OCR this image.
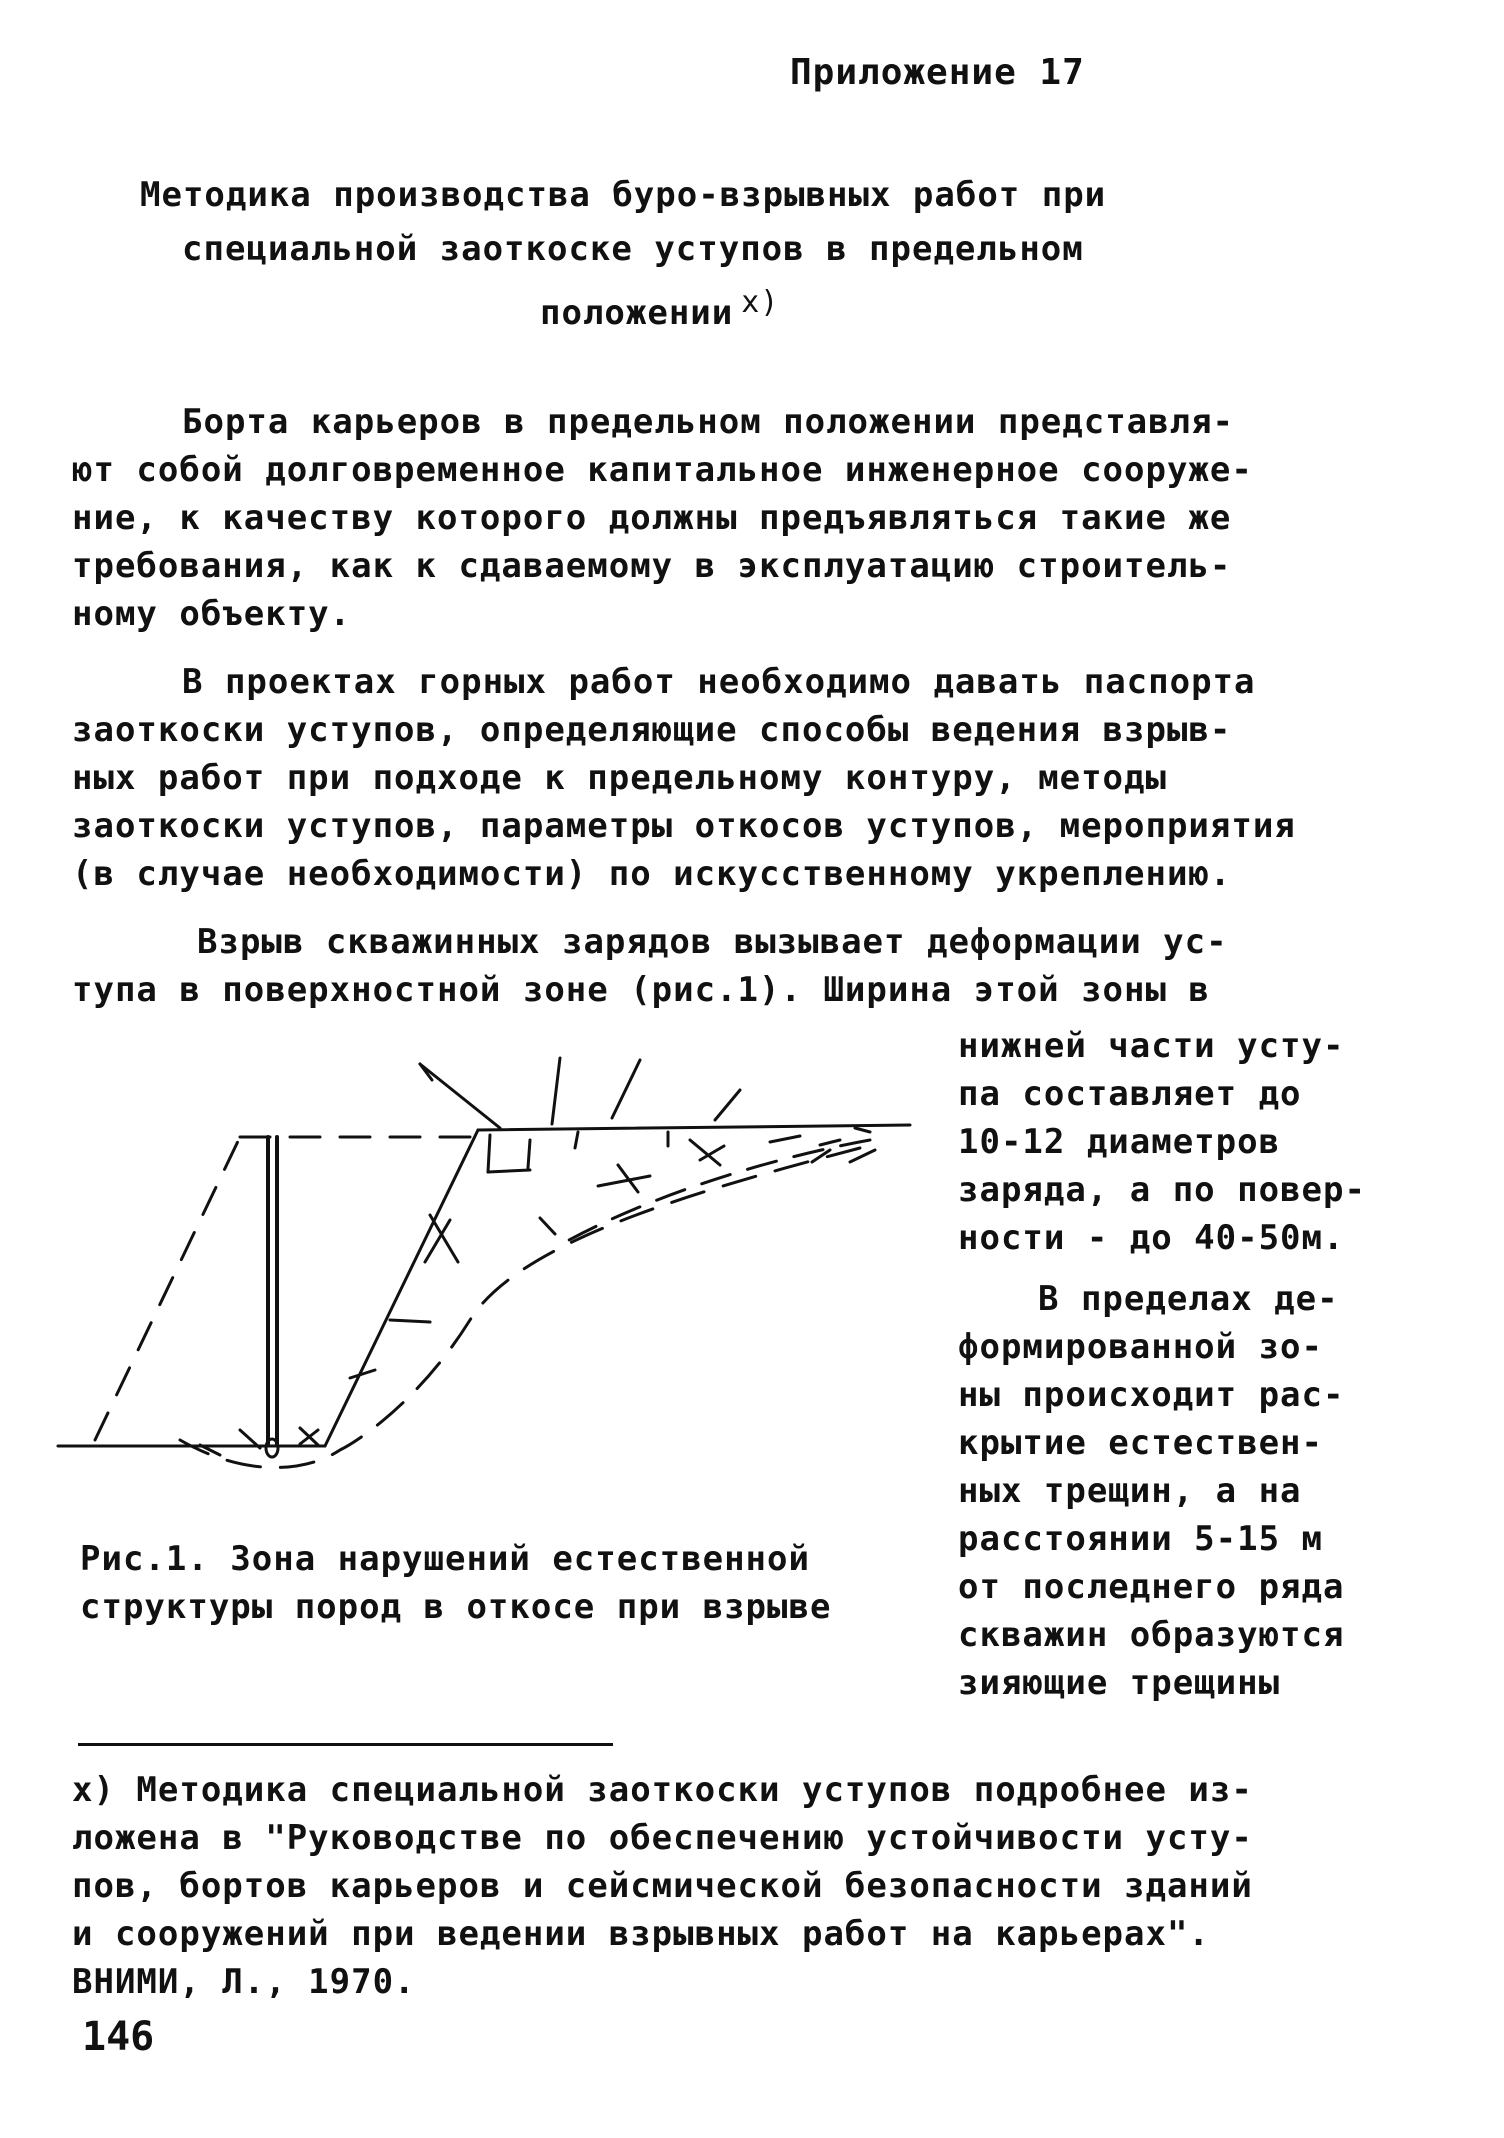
Приложение 17
Методика производства буро-взрывных работ при
специальной заоткоске уступов в предельном
положении $^{x)}$
Борта карьеров в предельном положении представля-
ют собой долговременное капитальное инженерное сооруже-
ние, к качеству которого должны предъявляться такие же
требования, как к сдаваемому в эксплуатацию строитель-
ному объекту.
В проектах горных работ необходимо давать паспорта
заоткоски уступов, определяющие способы ведения взрыв-
ных работ при подходе к предельному контуру, методы
заоткоски уступов, параметры откосов уступов, мероприятия
(в случае необходимости) по искусственному укреплению.
Взрыв скважинных зарядов вызывает деформации ус-
тупа в поверхностной зоне (рис.1). Ширина этой зоны в
нижней части усту-
па составляет до
10-12 диаметров
заряда, а по повер-
ности - до 40-50м.
В пределах де-
формированной зо-
ны происходит рас-
крытие естествен-
ных трещин, а на
расстоянии 5-15 м
от последнего ряда
скважин образуются
зияющие трещины
Рис.1. Зона нарушений естественной
структуры пород в откосе при взрыве
х) Методика специальной заоткоски уступов подробнее из-
ложена в "Руководстве по обеспечению устойчивости усту-
пов, бортов карьеров и сейсмической безопасности зданий
и сооружений при ведении взрывных работ на карьерах".
ВНИМИ, Л., 1970.
146
